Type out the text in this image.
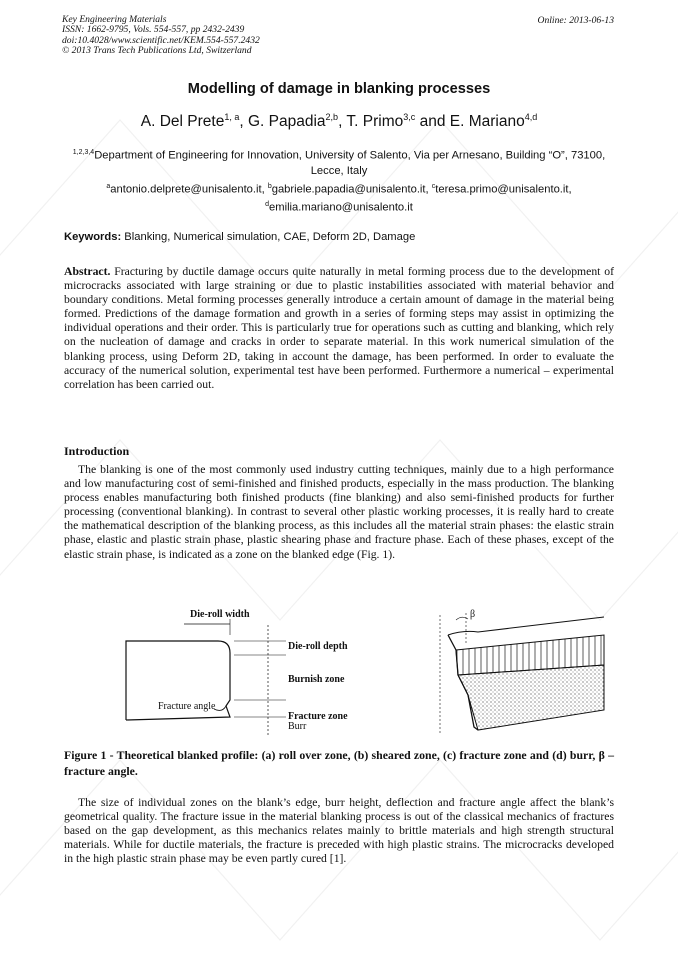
Key Engineering Materials
ISSN: 1662-9795, Vols. 554-557, pp 2432-2439
doi:10.4028/www.scientific.net/KEM.554-557.2432
© 2013 Trans Tech Publications Ltd, Switzerland
Online: 2013-06-13
Modelling of damage in blanking processes
A. Del Prete$^{1, a}$, G. Papadia$^{2,b}$, T. Primo$^{3,c}$ and E. Mariano$^{4,d}$
$^{1,2,3,4}$Department of Engineering for Innovation, University of Salento, Via per Arnesano, Building “O”, 73100, Lecce, Italy
$^a$antonio.delprete@unisalento.it, $^b$gabriele.papadia@unisalento.it, $^c$teresa.primo@unisalento.it,
$^d$emilia.mariano@unisalento.it
Keywords: Blanking, Numerical simulation, CAE, Deform 2D, Damage

Abstract. Fracturing by ductile damage occurs quite naturally in metal forming process due to the development of microcracks associated with large straining or due to plastic instabilities associated with material behavior and boundary conditions. Metal forming processes generally introduce a certain amount of damage in the material being formed. Predictions of the damage formation and growth in a series of forming steps may assist in optimizing the individual operations and their order. This is particularly true for operations such as cutting and blanking, which rely on the nucleation of damage and cracks in order to separate material. In this work numerical simulation of the blanking process, using Deform 2D, taking in account the damage, has been performed. In order to evaluate the accuracy of the numerical solution, experimental test have been performed. Furthermore a numerical – experimental correlation has been carried out.

Introduction

The blanking is one of the most commonly used industry cutting techniques, mainly due to a high performance and low manufacturing cost of semi-finished and finished products, especially in the mass production. The blanking process enables manufacturing both finished products (fine blanking) and also semi-finished products for further processing (conventional blanking). In contrast to several other plastic working processes, it is really hard to create the mathematical description of the blanking process, as this includes all the material strain phases: the elastic strain phase, elastic and plastic strain phase, plastic shearing phase and fracture phase. Each of these phases, except of the elastic strain phase, is indicated as a zone on the blanked edge (Fig. 1).

Die-roll width
Die-roll depth
Burnish zone
Fracture angle
Fracture zone
Burr
β

Figure 1 - Theoretical blanked profile: (a) roll over zone, (b) sheared zone, (c) fracture zone and (d) burr, β –fracture angle.

The size of individual zones on the blank’s edge, burr height, deflection and fracture angle affect the blank’s geometrical quality. The fracture issue in the material blanking process is out of the classical mechanics of fractures based on the gap development, as this mechanics relates mainly to brittle materials and high strength structural materials. While for ductile materials, the fracture is preceded with high plastic strains. The microcracks developed in the high plastic strain phase may be even partly cured [1].
